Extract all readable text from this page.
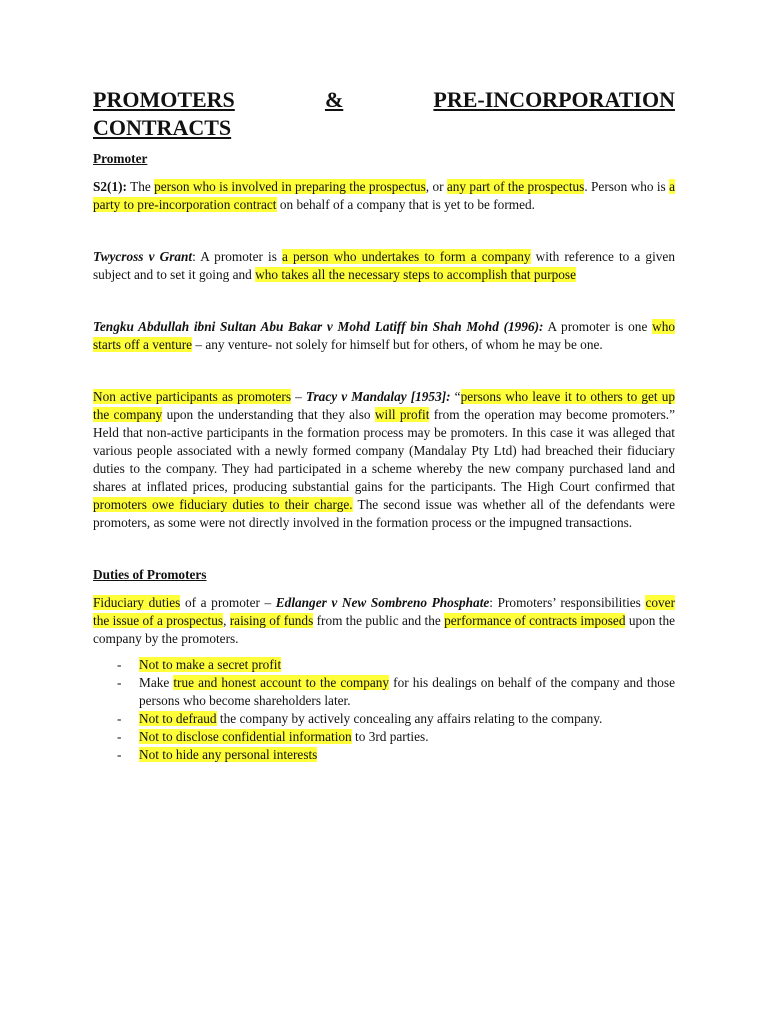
PROMOTERS	&	PRE-INCORPORATION
CONTRACTS
Promoter

S2(1): The person who is involved in preparing the prospectus, or any part of the prospectus. Person who is a party to pre-incorporation contract on behalf of a company that is yet to be formed.

Twycross v Grant: A promoter is a person who undertakes to form a company with reference to a given subject and to set it going and who takes all the necessary steps to accomplish that purpose

Tengku Abdullah ibni Sultan Abu Bakar v Mohd Latiff bin Shah Mohd (1996): A promoter is one who starts off a venture – any venture- not solely for himself but for others, of whom he may be one.

Non active participants as promoters – Tracy v Mandalay [1953]: “persons who leave it to others to get up the company upon the understanding that they also will profit from the operation may become promoters.” Held that non-active participants in the formation process may be promoters. In this case it was alleged that various people associated with a newly formed company (Mandalay Pty Ltd) had breached their fiduciary duties to the company. They had participated in a scheme whereby the new company purchased land and shares at inflated prices, producing substantial gains for the participants. The High Court confirmed that promoters owe fiduciary duties to their charge. The second issue was whether all of the defendants were promoters, as some were not directly involved in the formation process or the impugned transactions.

Duties of Promoters

Fiduciary duties of a promoter – Edlanger v New Sombreno Phosphate: Promoters’ responsibilities cover the issue of a prospectus, raising of funds from the public and the performance of contracts imposed upon the company by the promoters.

- Not to make a secret profit
- Make true and honest account to the company for his dealings on behalf of the company and those persons who become shareholders later.
- Not to defraud the company by actively concealing any affairs relating to the company.
- Not to disclose confidential information to 3rd parties.
- Not to hide any personal interests
